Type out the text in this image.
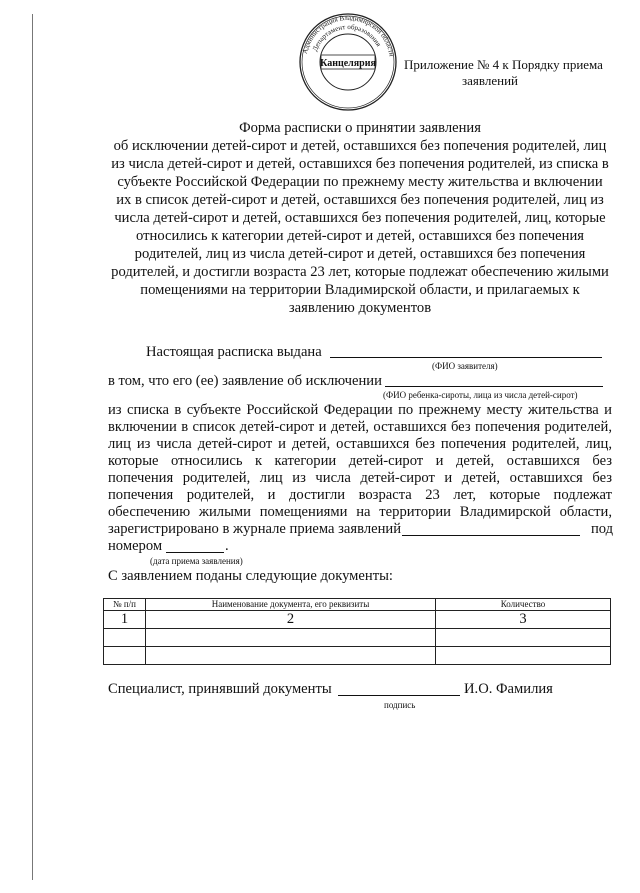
Администрация Владимирской области
Департамент образования
Канцелярия Приложение № 4 к Порядку приема
заявлений
Форма расписки о принятии заявления
об исключении детей-сирот и детей, оставшихся без попечения родителей, лиц
из числа детей-сирот и детей, оставшихся без попечения родителей, из списка в
субъекте Российской Федерации по прежнему месту жительства и включении
их в список детей-сирот и детей, оставшихся без попечения родителей, лиц из
числа детей-сирот и детей, оставшихся без попечения родителей, лиц, которые
относились к категории детей-сирот и детей, оставшихся без попечения
родителей, лиц из числа детей-сирот и детей, оставшихся без попечения
родителей, и достигли возраста 23 лет, которые подлежат обеспечению жилыми
помещениями на территории Владимирской области, и прилагаемых к
заявлению документов
Настоящая расписка выдана
(ФИО заявителя)
в том, что его (ее) заявление об исключении
(ФИО ребенка-сироты, лица из числа детей-сирот)
из списка в субъекте Российской Федерации по прежнему месту жительства и
включении в список детей-сирот и детей, оставшихся без попечения родителей,
лиц из числа детей-сирот и детей, оставшихся без попечения родителей, лиц,
которые относились к категории детей-сирот и детей, оставшихся без
попечения родителей, лиц из числа детей-сирот и детей, оставшихся без
попечения родителей, и достигли возраста 23 лет, которые подлежат
обеспечению жилыми помещениями на территории Владимирской области,
зарегистрировано в журнале приема заявлений	под
номером	.
(дата приема заявления)
С заявлением поданы следующие документы:
№ п/п	Наименование документа, его реквизиты	Количество
1	2	3

Специалист, принявший документы	И.О. Фамилия
подпись
